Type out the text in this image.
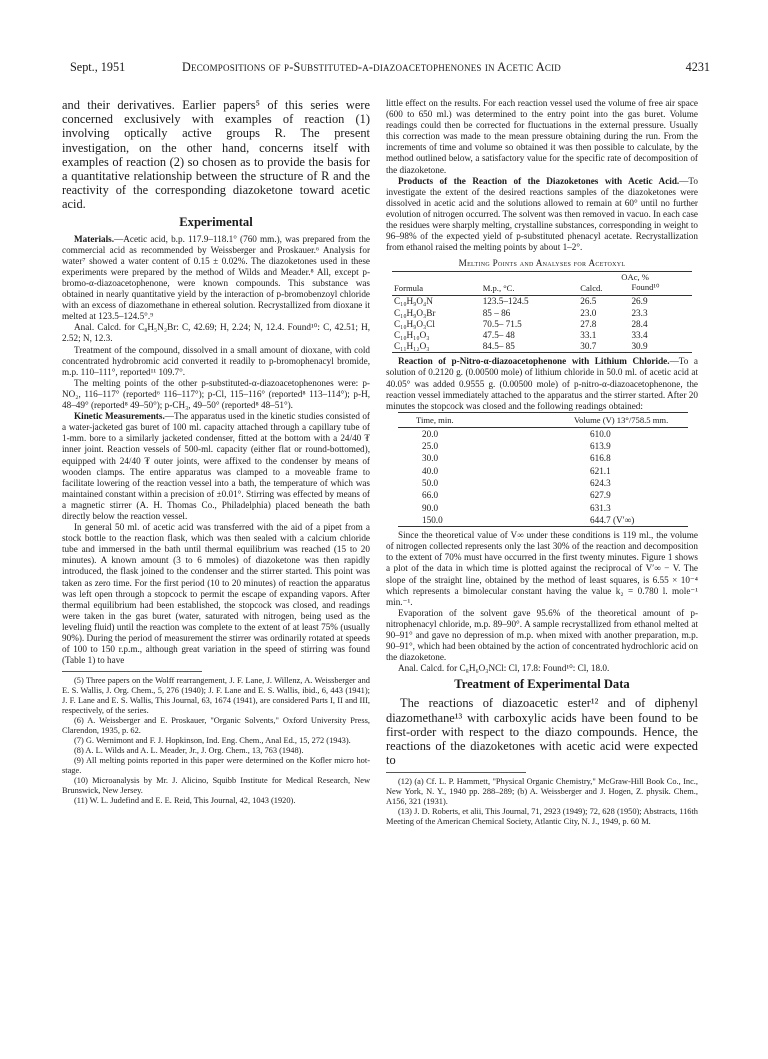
Sept., 1951	Decompositions of p-Substituted-α-diazoacetophenones in Acetic Acid	4231

and their derivatives. Earlier papers⁵ of this series were concerned exclusively with examples of reaction (1) involving optically active groups R. The present investigation, on the other hand, concerns itself with examples of reaction (2) so chosen as to provide the basis for a quantitative relationship between the structure of R and the reactivity of the corresponding diazoketone toward acetic acid.

Experimental

Materials.—Acetic acid, b.p. 117.9–118.1° (760 mm.), was prepared from the commercial acid as recommended by Weissberger and Proskauer.⁶ Analysis for water⁷ showed a water content of 0.15 ± 0.02%. The diazoketones used in these experiments were prepared by the method of Wilds and Meader.⁸ All, except p-bromo-α-diazoacetophenone, were known compounds. This substance was obtained in nearly quantitative yield by the interaction of p-bromobenzoyl chloride with an excess of diazomethane in ethereal solution. Recrystallized from dioxane it melted at 123.5–124.5°.⁹

Anal. Calcd. for C₈H₅N₂Br: C, 42.69; H, 2.24; N, 12.4. Found¹⁰: C, 42.51; H, 2.52; N, 12.3.

Treatment of the compound, dissolved in a small amount of dioxane, with cold concentrated hydrobromic acid converted it readily to p-bromophenacyl bromide, m.p. 110–111°, reported¹¹ 109.7°.

The melting points of the other p-substituted-α-diazoacetophenones were: p-NO₂, 116–117° (reported⁶ 116–117°); p-Cl, 115–116° (reported⁸ 113–114°); p-H, 48–49° (reported⁸ 49–50°); p-CH₃, 49–50° (reported⁸ 48–51°).

Kinetic Measurements.—The apparatus used in the kinetic studies consisted of a water-jacketed gas buret of 100 ml. capacity attached through a capillary tube of 1-mm. bore to a similarly jacketed condenser, fitted at the bottom with a 24/40 ₮ inner joint. Reaction vessels of 500-ml. capacity (either flat or round-bottomed), equipped with 24/40 ₮ outer joints, were affixed to the condenser by means of wooden clamps. The entire apparatus was clamped to a moveable frame to facilitate lowering of the reaction vessel into a bath, the temperature of which was maintained constant within a precision of ±0.01°. Stirring was effected by means of a magnetic stirrer (A. H. Thomas Co., Philadelphia) placed beneath the bath directly below the reaction vessel.

In general 50 ml. of acetic acid was transferred with the aid of a pipet from a stock bottle to the reaction flask, which was then sealed with a calcium chloride tube and immersed in the bath until thermal equilibrium was reached (15 to 20 minutes). A known amount (3 to 6 mmoles) of diazoketone was then rapidly introduced, the flask joined to the condenser and the stirrer started. This point was taken as zero time. For the first period (10 to 20 minutes) of reaction the apparatus was left open through a stopcock to permit the escape of expanding vapors. After thermal equilibrium had been established, the stopcock was closed, and readings were taken in the gas buret (water, saturated with nitrogen, being used as the leveling fluid) until the reaction was complete to the extent of at least 75% (usually 90%). During the period of measurement the stirrer was ordinarily rotated at speeds of 100 to 150 r.p.m., although great variation in the speed of stirring was found (Table 1) to have

(5) Three papers on the Wolff rearrangement, J. F. Lane, J. Willenz, A. Weissberger and E. S. Wallis, J. Org. Chem., 5, 276 (1940); J. F. Lane and E. S. Wallis, ibid., 6, 443 (1941); J. F. Lane and E. S. Wallis, This Journal, 63, 1674 (1941), are considered Parts I, II and III, respectively, of the series.

(6) A. Weissberger and E. Proskauer, "Organic Solvents," Oxford University Press, Clarendon, 1935, p. 62.

(7) G. Wernimont and F. J. Hopkinson, Ind. Eng. Chem., Anal Ed., 15, 272 (1943).

(8) A. L. Wilds and A. L. Meader, Jr., J. Org. Chem., 13, 763 (1948).

(9) All melting points reported in this paper were determined on the Kofler micro hot-stage.

(10) Microanalysis by Mr. J. Alicino, Squibb Institute for Medical Research, New Brunswick, New Jersey.

(11) W. L. Judefind and E. E. Reid, This Journal, 42, 1043 (1920).

little effect on the results. For each reaction vessel used the volume of free air space (600 to 650 ml.) was determined to the entry point into the gas buret. Volume readings could then be corrected for fluctuations in the external pressure. Usually this correction was made to the mean pressure obtaining during the run. From the increments of time and volume so obtained it was then possible to calculate, by the method outlined below, a satisfactory value for the specific rate of decomposition of the diazoketone.

Products of the Reaction of the Diazoketones with Acetic Acid.—To investigate the extent of the desired reactions samples of the diazoketones were dissolved in acetic acid and the solutions allowed to remain at 60° until no further evolution of nitrogen occurred. The solvent was then removed in vacuo. In each case the residues were sharply melting, crystalline substances, corresponding in weight to 96–98% of the expected yield of p-substituted phenacyl acetate. Recrystallization from ethanol raised the melting points by about 1–2°.

Melting Points and Analyses for Acetoxyl
Formula	M.p., °C.	OAc, %	
		Calcd.	Found¹⁰
C₁₀H₉O₄N	123.5–124.5	26.5	26.9
C₁₀H₉O₃Br	85 – 86	23.0	23.3
C₁₀H₉O₃Cl	70.5– 71.5	27.8	28.4
C₁₀H₁₀O₃	47.5– 48	33.1	33.4
C₁₁H₁₂O₃	84.5– 85	30.7	30.9

Reaction of p-Nitro-α-diazoacetophenone with Lithium Chloride.—To a solution of 0.2120 g. (0.00500 mole) of lithium chloride in 50.0 ml. of acetic acid at 40.05° was added 0.9555 g. (0.00500 mole) of p-nitro-α-diazoacetophenone, the reaction vessel immediately attached to the apparatus and the stirrer started. After 20 minutes the stopcock was closed and the following readings obtained:

Time, min.	Volume (V) 13°/758.5 mm.
20.0	610.0
25.0	613.9
30.0	616.8
40.0	621.1
50.0	624.3
66.0	627.9
90.0	631.3
150.0	644.7 (V′∞)

Since the theoretical value of V∞ under these conditions is 119 ml., the volume of nitrogen collected represents only the last 30% of the reaction and decomposition to the extent of 70% must have occurred in the first twenty minutes. Figure 1 shows a plot of the data in which time is plotted against the reciprocal of V′∞ − V. The slope of the straight line, obtained by the method of least squares, is 6.55 × 10⁻⁴ which represents a bimolecular constant having the value k₂ = 0.780 l. mole⁻¹ min.⁻¹.

Evaporation of the solvent gave 95.6% of the theoretical amount of p-nitrophenacyl chloride, m.p. 89–90°. A sample recrystallized from ethanol melted at 90–91° and gave no depression of m.p. when mixed with another preparation, m.p. 90–91°, which had been obtained by the action of concentrated hydrochloric acid on the diazoketone.

Anal. Calcd. for C₈H₆O₃NCl: Cl, 17.8: Found¹⁰: Cl, 18.0.

Treatment of Experimental Data

The reactions of diazoacetic ester¹² and of diphenyl diazomethane¹³ with carboxylic acids have been found to be first-order with respect to the diazo compounds. Hence, the reactions of the diazoketones with acetic acid were expected to

(12) (a) Cf. L. P. Hammett, "Physical Organic Chemistry," McGraw-Hill Book Co., Inc., New York, N. Y., 1940 pp. 288–289; (b) A. Weissberger and J. Hogen, Z. physik. Chem., A156, 321 (1931).

(13) J. D. Roberts, et alii, This Journal, 71, 2923 (1949); 72, 628 (1950); Abstracts, 116th Meeting of the American Chemical Society, Atlantic City, N. J., 1949, p. 60 M.
